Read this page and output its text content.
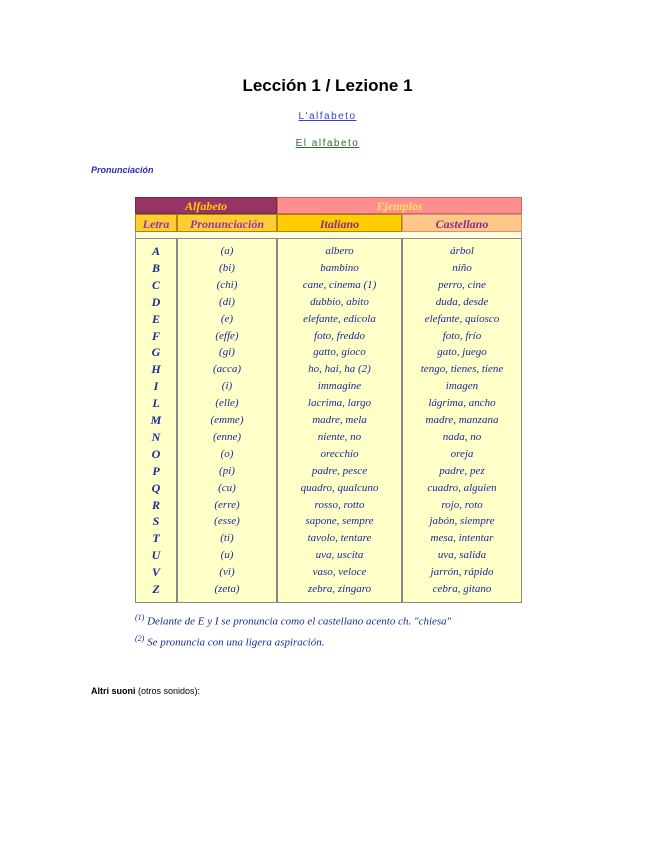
Lección 1 / Lezione 1
L'alfabeto
El alfabeto
Pronunciación
Alfabeto	Ejemplos
Letra	Pronunciación	Italiano	Castellano
A	(a)	albero	árbol
B	(bi)	bambino	niño
C	(chi)	cane, cinema (1)	perro, cine
D	(di)	dubbio, abito	duda, desde
E	(e)	elefante, edicola	elefante, quiosco
F	(effe)	foto, freddo	foto, frío
G	(gi)	gatto, gioco	gato, juego
H	(acca)	ho, hai, ha (2)	tengo, tienes, tiene
I	(i)	immagine	imagen
L	(elle)	lacrima, largo	lágrima, ancho
M	(emme)	madre, mela	madre, manzana
N	(enne)	niente, no	nada, no
O	(o)	orecchio	oreja
P	(pi)	padre, pesce	padre, pez
Q	(cu)	quadro, qualcuno	cuadro, alguien
R	(erre)	rosso, rotto	rojo, roto
S	(esse)	sapone, sempre	jabón, siempre
T	(ti)	tavolo, tentare	mesa, intentar
U	(u)	uva, uscita	uva, salida
V	(vi)	vaso, veloce	jarrón, rápido
Z	(zeta)	zebra, zingaro	cebra, gitano
$^{(1)}$ Delante de E y I se pronuncia como el castellano acento ch. "chiesa"
$^{(2)}$ Se pronuncia con una ligera aspiración.
Altri suoni (otros sonidos):
